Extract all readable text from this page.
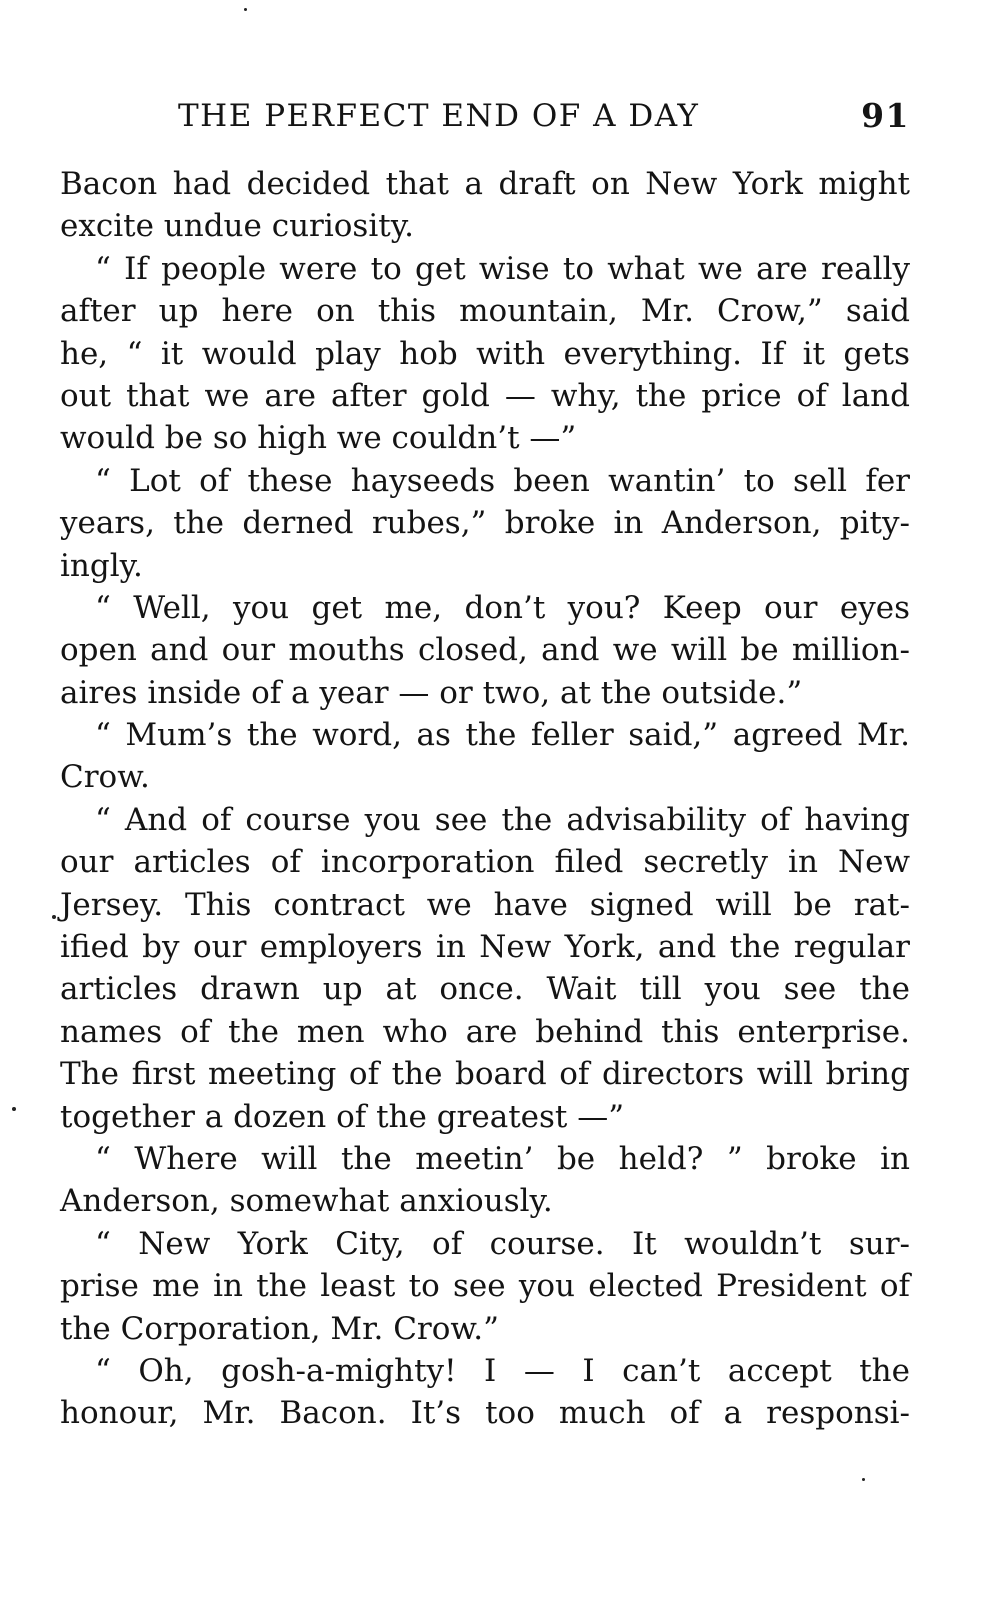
THE PERFECT END OF A DAY	91
Bacon had decided that a draft on New York might
excite undue curiosity.
“ If people were to get wise to what we are really
after up here on this mountain, Mr. Crow,” said
he, “ it would play hob with everything. If it gets
out that we are after gold — why, the price of land
would be so high we couldn’t —”
“ Lot of these hayseeds been wantin’ to sell fer
years, the derned rubes,” broke in Anderson, pity-
ingly.
“ Well, you get me, don’t you? Keep our eyes
open and our mouths closed, and we will be million-
aires inside of a year — or two, at the outside.”
“ Mum’s the word, as the feller said,” agreed Mr.
Crow.
“ And of course you see the advisability of having
our articles of incorporation filed secretly in New
Jersey. This contract we have signed will be rat-
ified by our employers in New York, and the regular
articles drawn up at once. Wait till you see the
names of the men who are behind this enterprise.
The first meeting of the board of directors will bring
together a dozen of the greatest —”
“ Where will the meetin’ be held? ” broke in
Anderson, somewhat anxiously.
“ New York City, of course. It wouldn’t sur-
prise me in the least to see you elected President of
the Corporation, Mr. Crow.”
“ Oh, gosh-a-mighty! I — I can’t accept the
honour, Mr. Bacon. It’s too much of a responsi-
